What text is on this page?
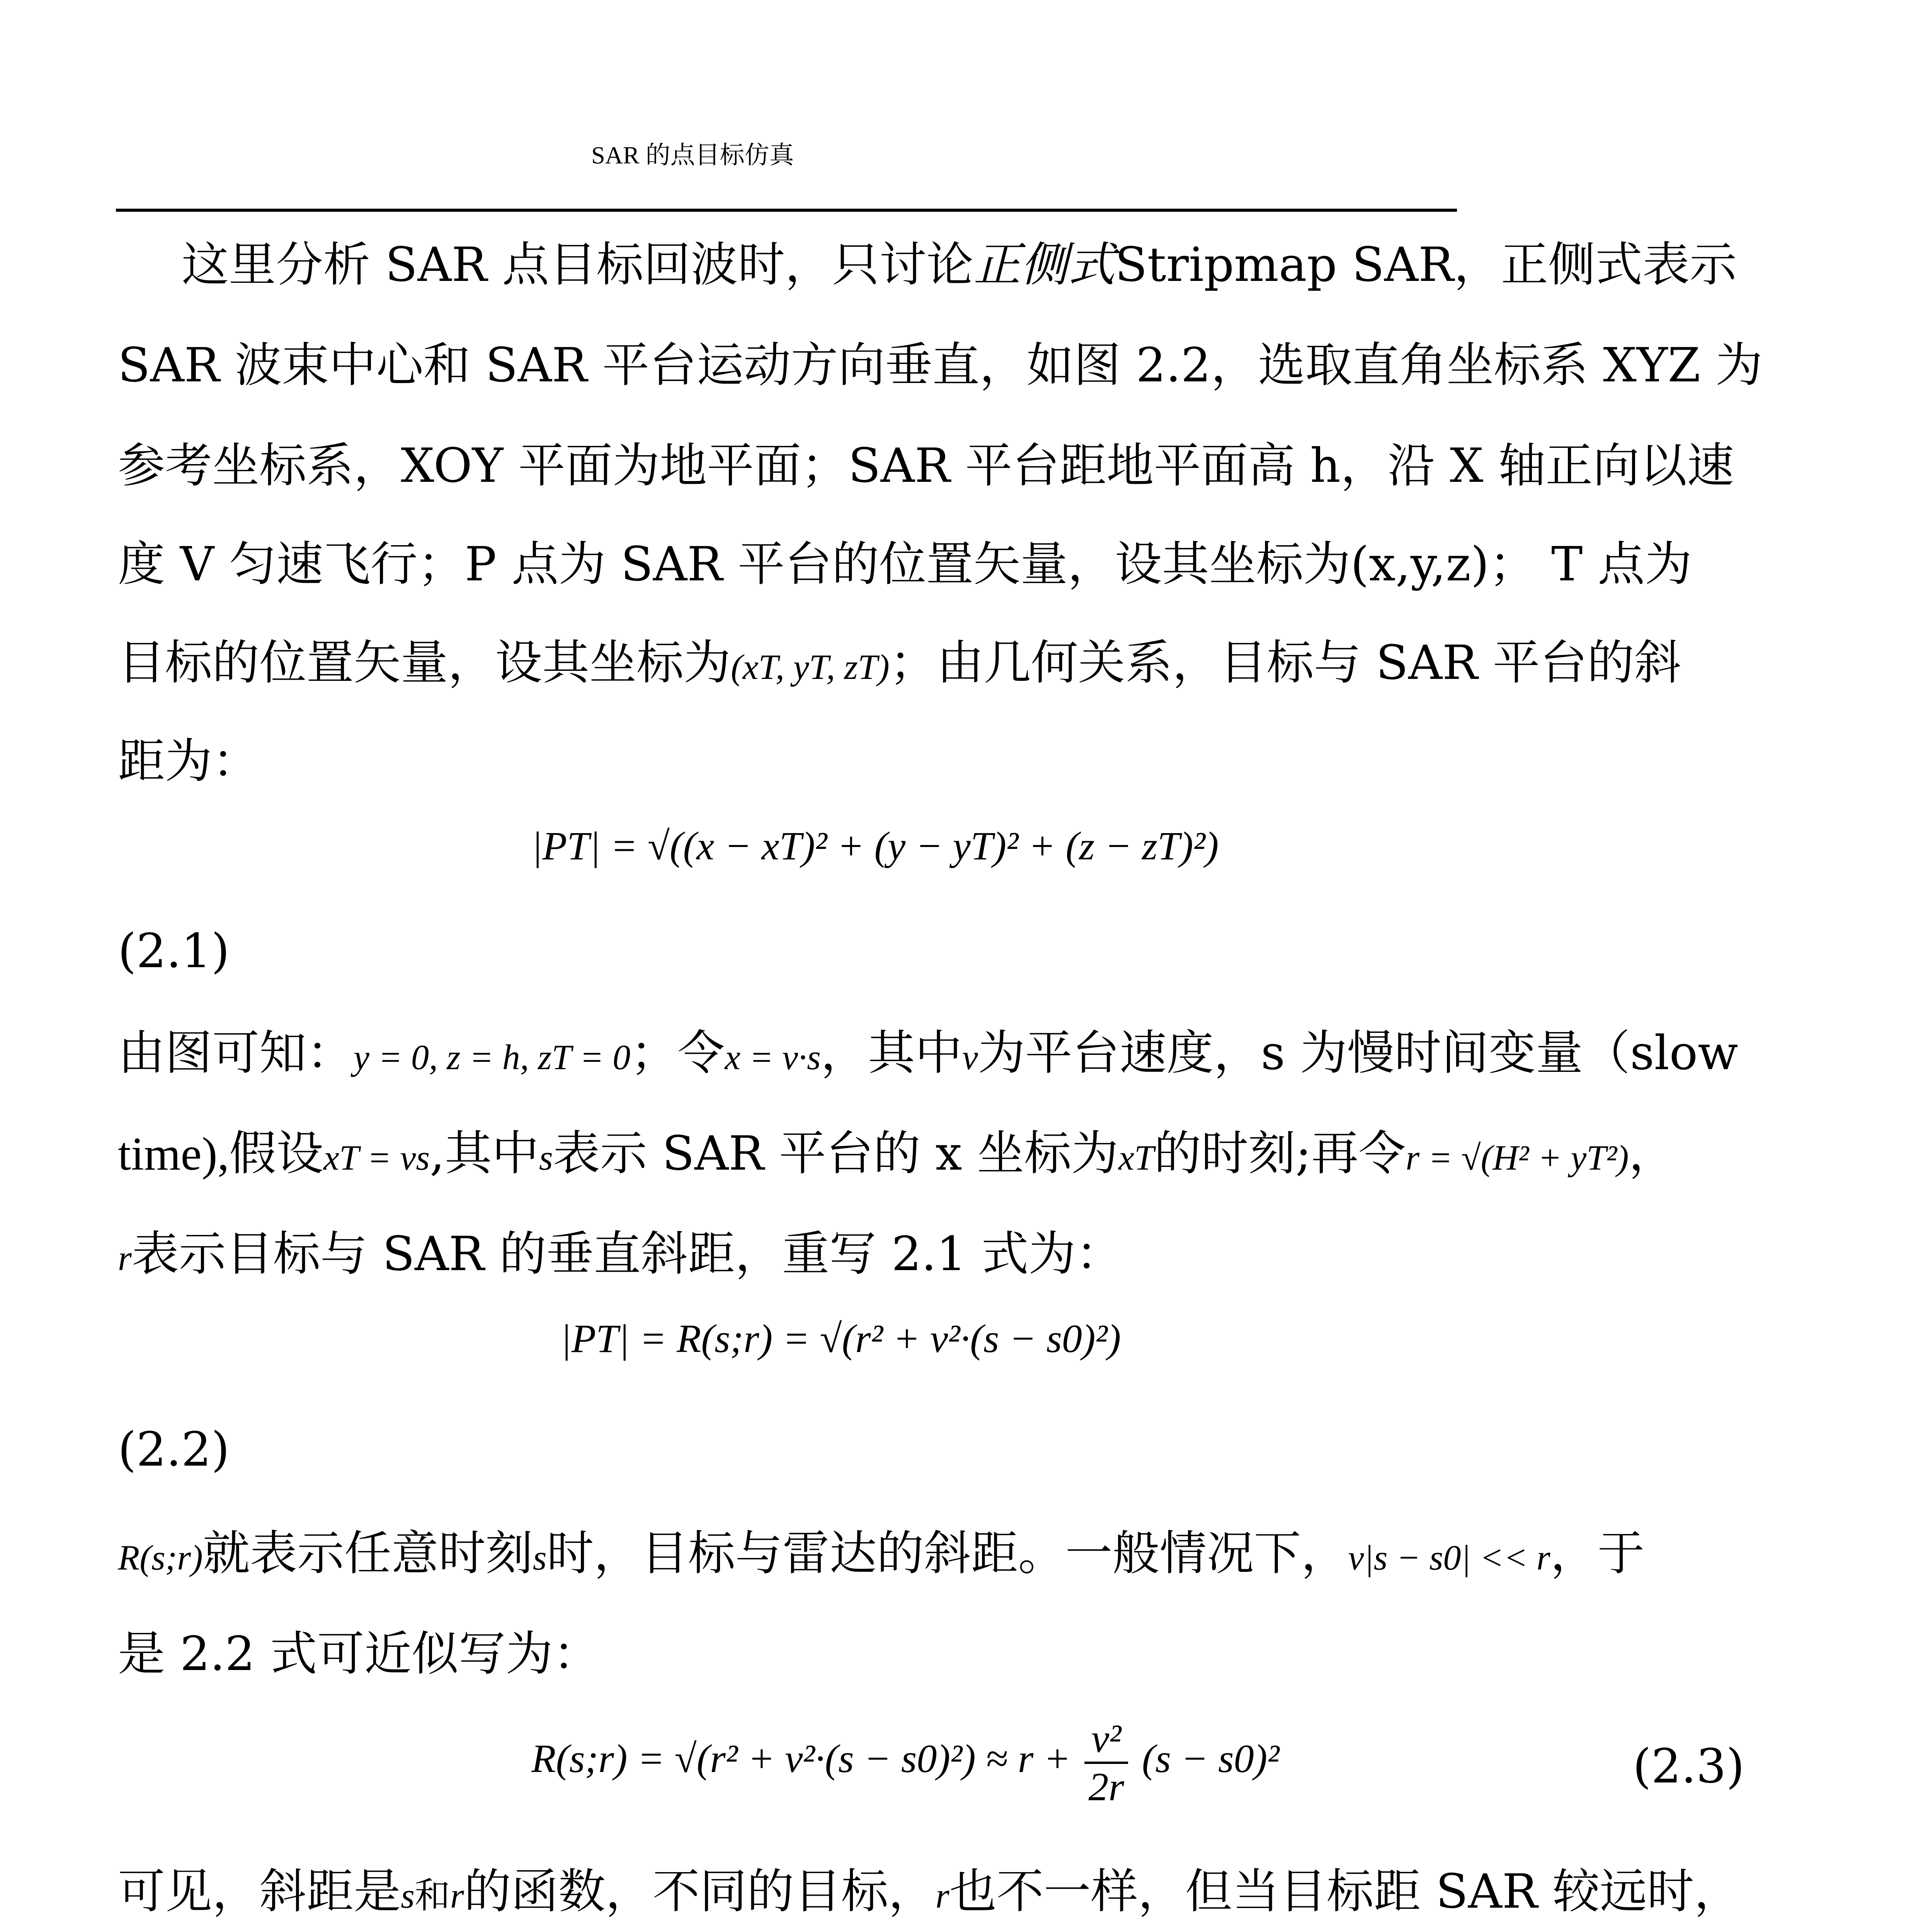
SAR 的点目标仿真
这里分析 SAR 点目标回波时，只讨论正侧式Stripmap SAR，正侧式表示
SAR 波束中心和 SAR 平台运动方向垂直，如图 2.2，选取直角坐标系 XYZ 为
参考坐标系，XOY 平面为地平面；SAR 平台距地平面高 h，沿 X 轴正向以速
度 V 匀速飞行；P 点为 SAR 平台的位置矢量，设其坐标为(x,y,z)； T 点为
目标的位置矢量，设其坐标为(xT, yT, zT)；由几何关系，目标与 SAR 平台的斜
距为：
|PT| = √((x − xT)² + (y − yT)² + (z − zT)²)
(2.1)
由图可知：y = 0, z = h, zT = 0；令x = v·s，其中v为平台速度，s 为慢时间变量（slow
time),假设xT = vs,其中s表示 SAR 平台的 x 坐标为xT的时刻;再令r = √(H² + yT²)，
r表示目标与 SAR 的垂直斜距，重写 2.1 式为：
|PT| = R(s;r) = √(r² + v²·(s − s0)²)
(2.2)
R(s;r)就表示任意时刻s时，目标与雷达的斜距。一般情况下，v|s − s0| << r，于
是 2.2 式可近似写为：
R(s;r) = $√(r^2 + v^2\cdot(s - s0)^2) \approx r + \frac{\text{v²}}{2r} (s - s0)^2$	(2.3)
可见，斜距是s和r的函数，不同的目标，r也不一样，但当目标距 SAR 较远时，
